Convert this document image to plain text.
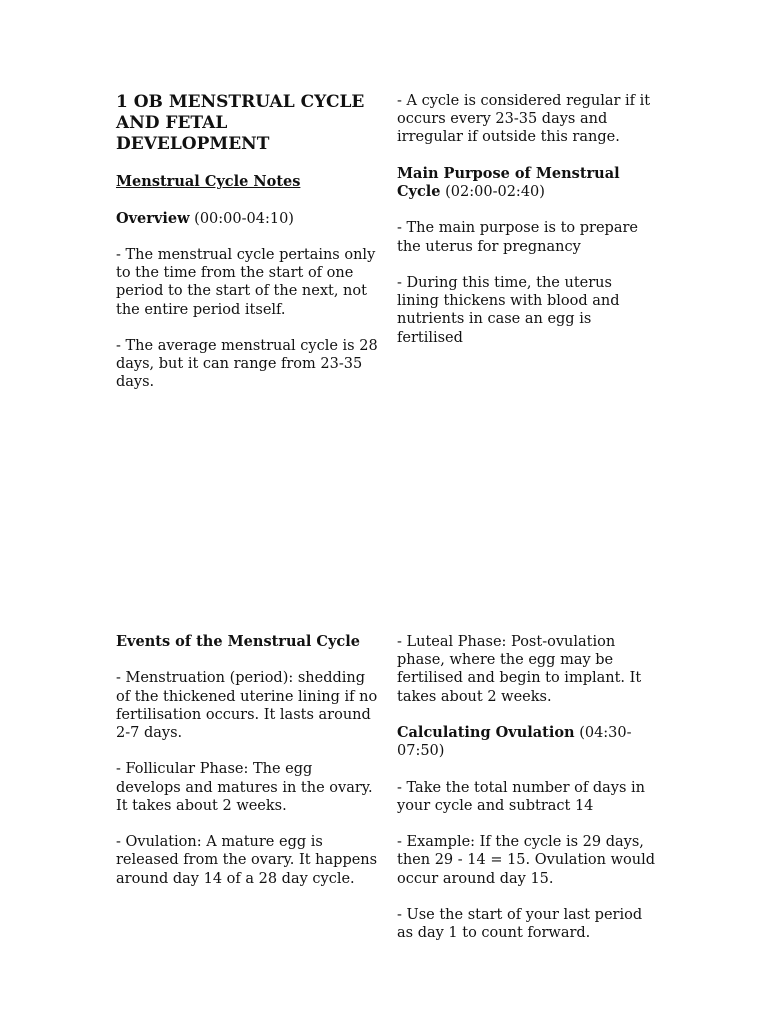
1 OB MENSTRUAL CYCLE AND FETAL DEVELOPMENT

Menstrual Cycle Notes

Overview (00:00-04:10)

- The menstrual cycle pertains only to the time from the start of one period to the start of the next, not the entire period itself.

- The average menstrual cycle is 28 days, but it can range from 23-35 days.

- A cycle is considered regular if it occurs every 23-35 days and irregular if outside this range.

Main Purpose of Menstrual Cycle (02:00-02:40)

- The main purpose is to prepare the uterus for pregnancy

- During this time, the uterus lining thickens with blood and nutrients in case an egg is fertilised

Events of the Menstrual Cycle

- Menstruation (period): shedding of the thickened uterine lining if no fertilisation occurs. It lasts around 2-7 days.

- Follicular Phase: The egg develops and matures in the ovary. It takes about 2 weeks.

- Ovulation: A mature egg is released from the ovary. It happens around day 14 of a 28 day cycle.

- Luteal Phase: Post-ovulation phase, where the egg may be fertilised and begin to implant. It takes about 2 weeks.

Calculating Ovulation (04:30-07:50)

- Take the total number of days in your cycle and subtract 14

- Example: If the cycle is 29 days, then 29 - 14 = 15. Ovulation would occur around day 15.

- Use the start of your last period as day 1 to count forward.
